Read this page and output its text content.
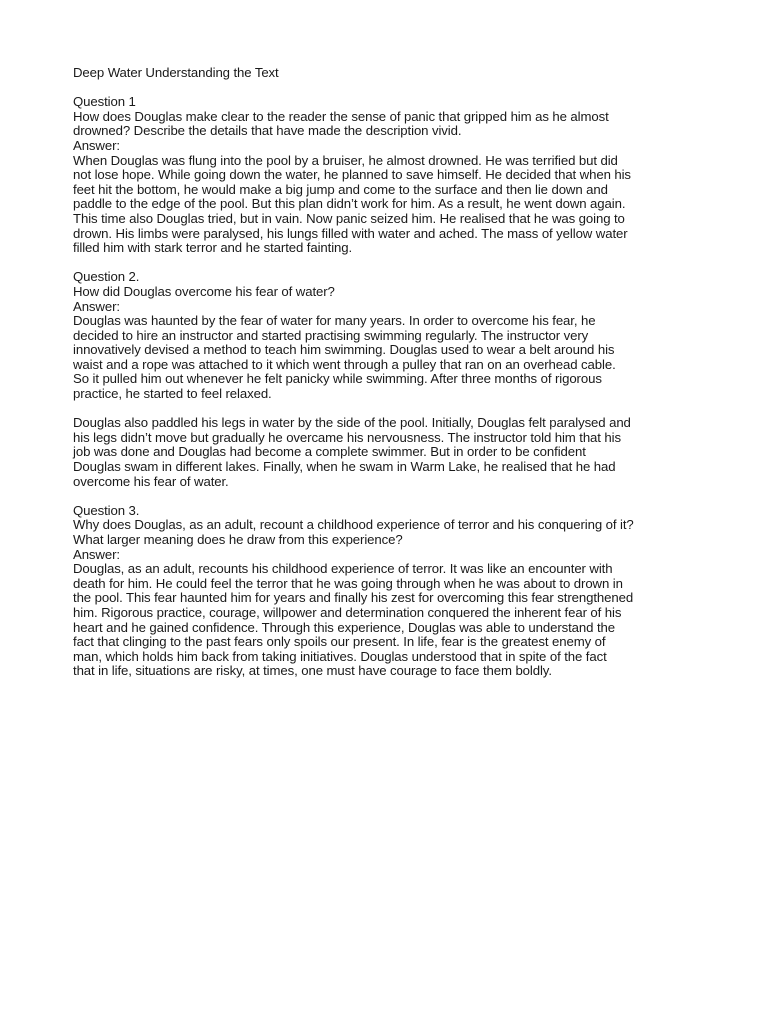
Deep Water Understanding the Text
Question 1
How does Douglas make clear to the reader the sense of panic that gripped him as he almost
drowned? Describe the details that have made the description vivid.
Answer:
When Douglas was flung into the pool by a bruiser, he almost drowned. He was terrified but did
not lose hope. While going down the water, he planned to save himself. He decided that when his
feet hit the bottom, he would make a big jump and come to the surface and then lie down and
paddle to the edge of the pool. But this plan didn’t work for him. As a result, he went down again.
This time also Douglas tried, but in vain. Now panic seized him. He realised that he was going to
drown. His limbs were paralysed, his lungs filled with water and ached. The mass of yellow water
filled him with stark terror and he started fainting.
Question 2.
How did Douglas overcome his fear of water?
Answer:
Douglas was haunted by the fear of water for many years. In order to overcome his fear, he
decided to hire an instructor and started practising swimming regularly. The instructor very
innovatively devised a method to teach him swimming. Douglas used to wear a belt around his
waist and a rope was attached to it which went through a pulley that ran on an overhead cable.
So it pulled him out whenever he felt panicky while swimming. After three months of rigorous
practice, he started to feel relaxed.
Douglas also paddled his legs in water by the side of the pool. Initially, Douglas felt paralysed and
his legs didn’t move but gradually he overcame his nervousness. The instructor told him that his
job was done and Douglas had become a complete swimmer. But in order to be confident
Douglas swam in different lakes. Finally, when he swam in Warm Lake, he realised that he had
overcome his fear of water.
Question 3.
Why does Douglas, as an adult, recount a childhood experience of terror and his conquering of it?
What larger meaning does he draw from this experience?
Answer:
Douglas, as an adult, recounts his childhood experience of terror. It was like an encounter with
death for him. He could feel the terror that he was going through when he was about to drown in
the pool. This fear haunted him for years and finally his zest for overcoming this fear strengthened
him. Rigorous practice, courage, willpower and determination conquered the inherent fear of his
heart and he gained confidence. Through this experience, Douglas was able to understand the
fact that clinging to the past fears only spoils our present. In life, fear is the greatest enemy of
man, which holds him back from taking initiatives. Douglas understood that in spite of the fact
that in life, situations are risky, at times, one must have courage to face them boldly.
